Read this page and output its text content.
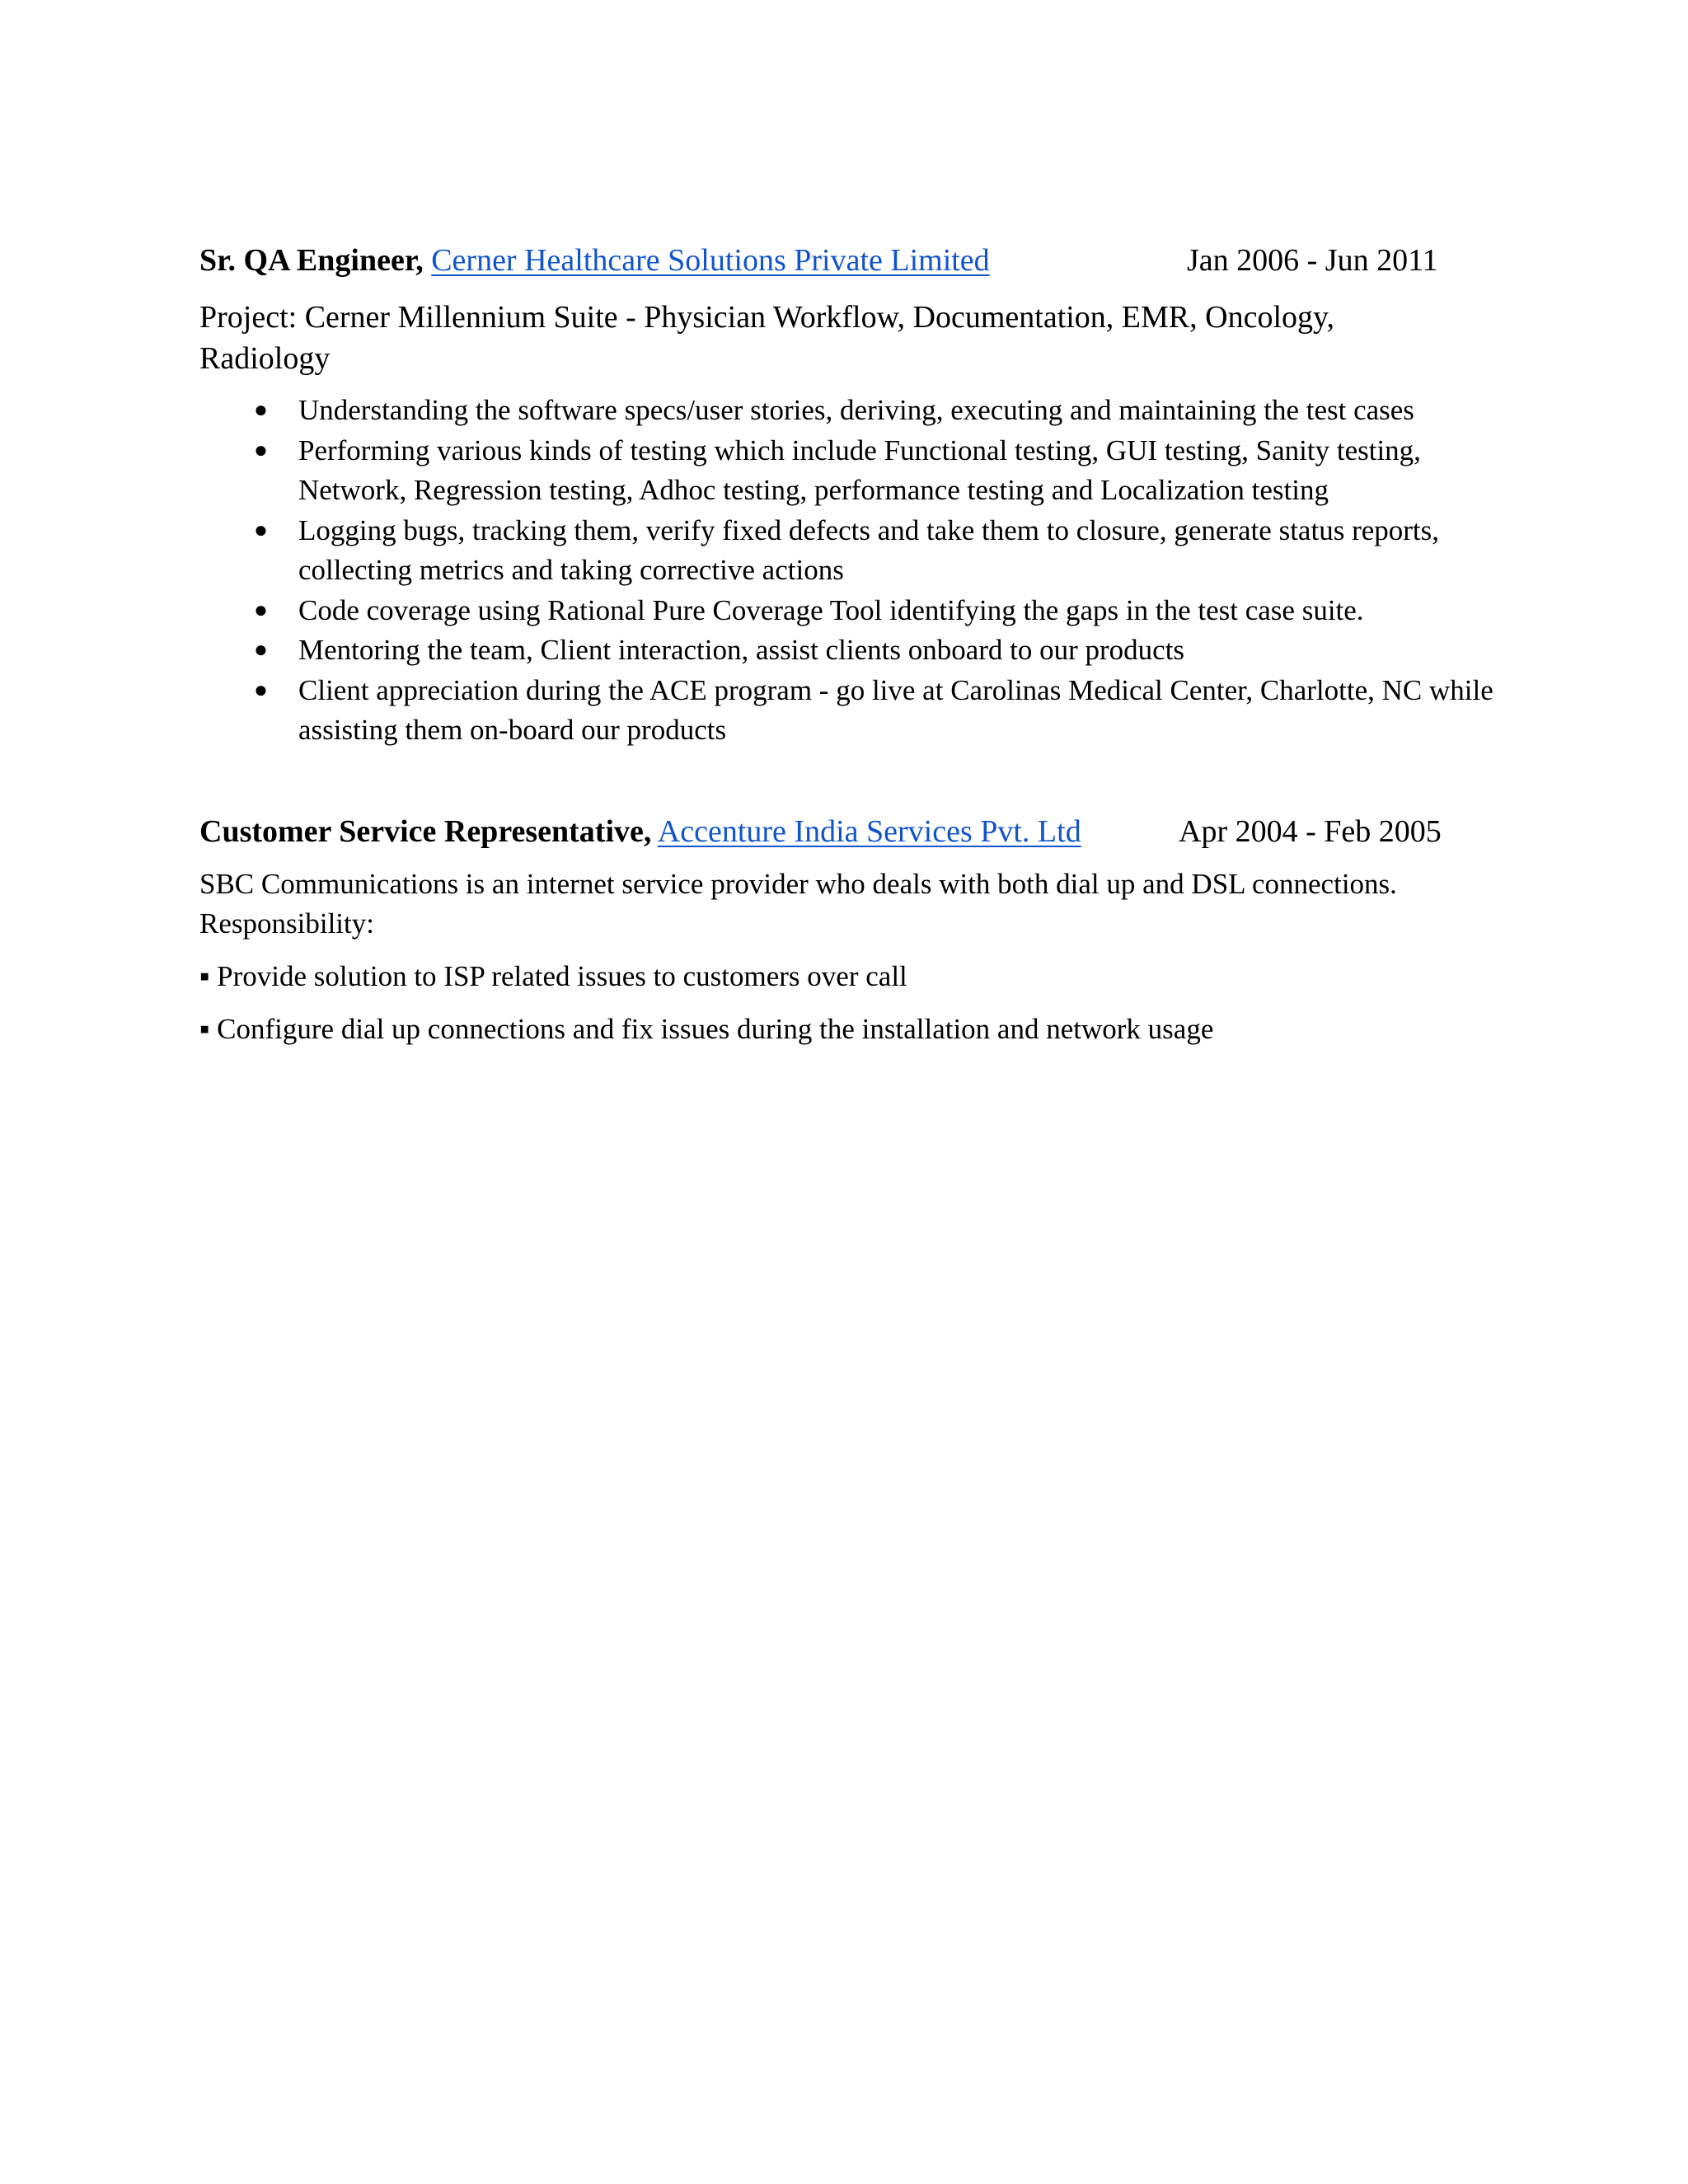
Sr. QA Engineer, Cerner Healthcare Solutions Private Limited	Jan 2006 - Jun 2011
Project: Cerner Millennium Suite - Physician Workflow, Documentation, EMR, Oncology,
Radiology
● Understanding the software specs/user stories, deriving, executing and maintaining the test cases
● Performing various kinds of testing which include Functional testing, GUI testing, Sanity testing, Network, Regression testing, Adhoc testing, performance testing and Localization testing
● Logging bugs, tracking them, verify fixed defects and take them to closure, generate status reports, collecting metrics and taking corrective actions
● Code coverage using Rational Pure Coverage Tool identifying the gaps in the test case suite.
● Mentoring the team, Client interaction, assist clients onboard to our products
● Client appreciation during the ACE program - go live at Carolinas Medical Center, Charlotte, NC while assisting them on-board our products
Customer Service Representative, Accenture India Services Pvt. Ltd	Apr 2004 - Feb 2005
SBC Communications is an internet service provider who deals with both dial up and DSL connections.
Responsibility:
▪ Provide solution to ISP related issues to customers over call
▪ Configure dial up connections and fix issues during the installation and network usage
